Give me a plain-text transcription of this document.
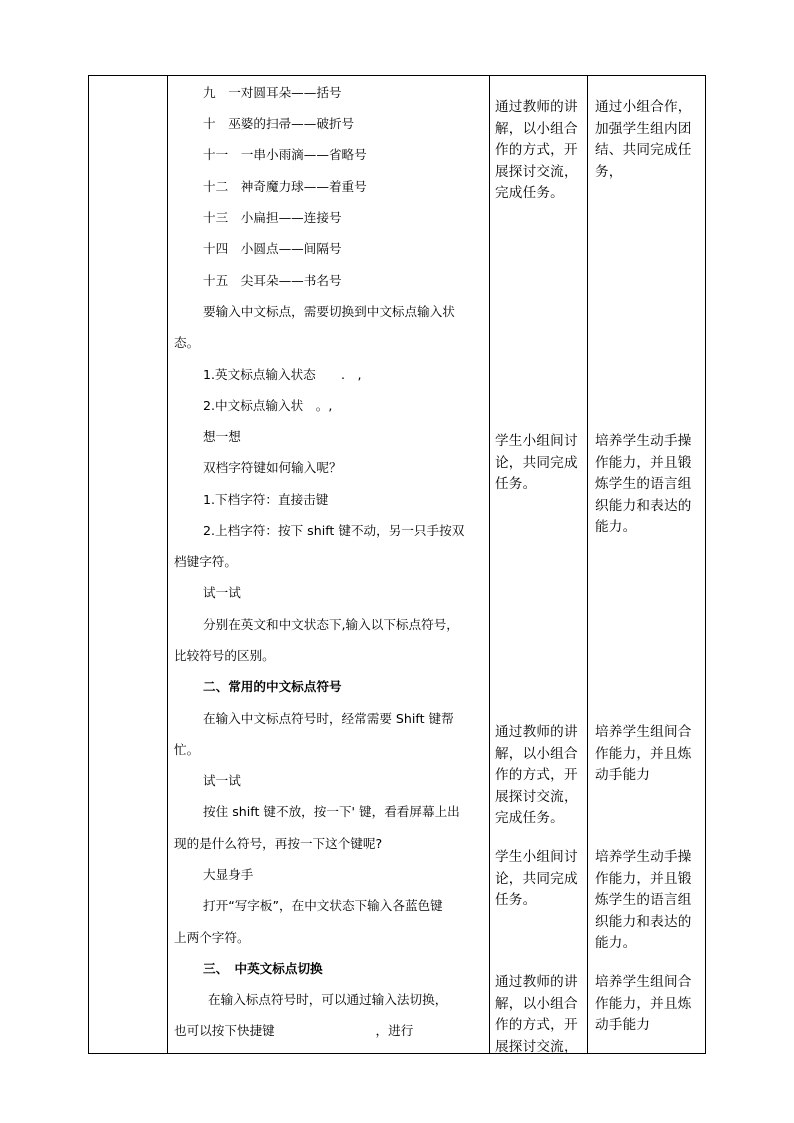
九　一对圆耳朵——括号
十　巫婆的扫帚——破折号
十一　一串小雨滴——省略号
十二　神奇魔力球——着重号
十三　小扁担——连接号
十四　小圆点——间隔号
十五　尖耳朵——书名号
要输入中文标点，需要切换到中文标点输入状
态。
1.英文标点输入状态　　.　,
2.中文标点输入状　。,
想一想
双档字符键如何输入呢？
1.下档字符：直接击键
2.上档字符：按下 shift 键不动，另一只手按双
档键字符。
试一试
分别在英文和中文状态下,输入以下标点符号，
比较符号的区别。
二、常用的中文标点符号
在输入中文标点符号时，经常需要 Shift 键帮
忙。
试一试
按住 shift 键不放，按一下' 键，看看屏幕上出
现的是什么符号，再按一下这个键呢?
大显身手
打开“写字板”，在中文状态下输入各蓝色键
上两个字符。
三、　中英文标点切换
在输入标点符号时，可以通过输入法切换，
也可以按下快捷键　　　　　　　　，进行
通过教师的讲解，以小组合作的方式，开展探讨交流，完成任务。
学生小组间讨论，共同完成任务。
通过教师的讲解，以小组合作的方式，开展探讨交流，完成任务。
学生小组间讨论，共同完成任务。
通过教师的讲解，以小组合作的方式，开展探讨交流，
通过小组合作，加强学生组内团结、共同完成任务，
培养学生动手操作能力，并且锻炼学生的语言组织能力和表达的能力。
培养学生组间合作能力，并且炼动手能力
培养学生动手操作能力，并且锻炼学生的语言组织能力和表达的能力。
培养学生组间合作能力，并且炼动手能力
